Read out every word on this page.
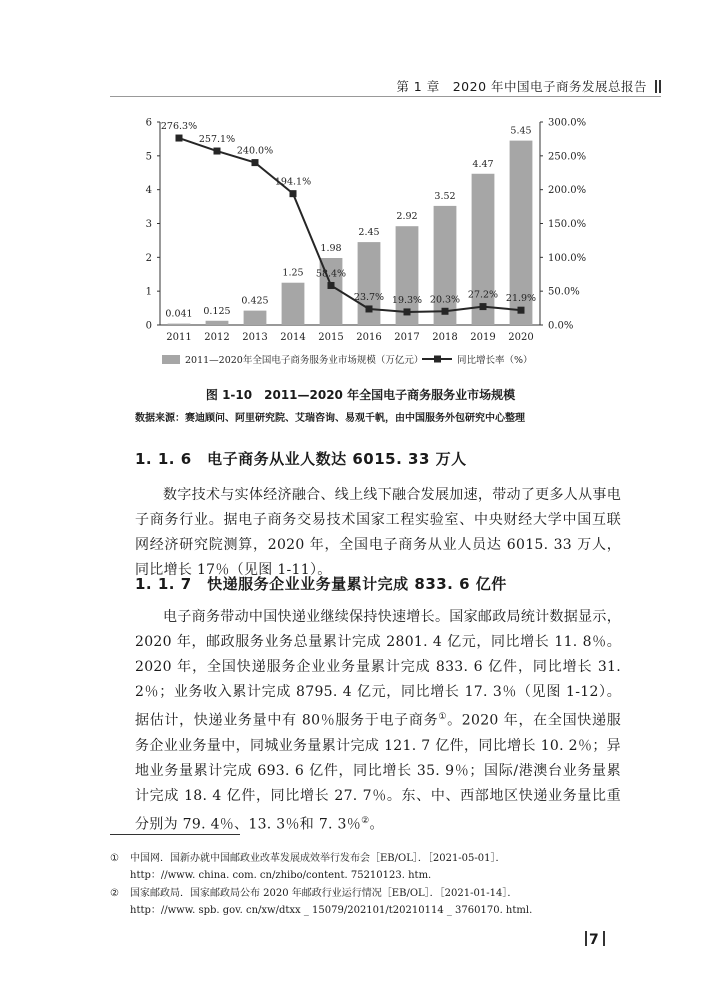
第 1 章　2020 年中国电子商务发展总报告
0
1
2
3
4
5
6
0.0%
50.0%
100.0%
150.0%
200.0%
250.0%
300.0%
2011 2012 2013 2014 2015 2016 2017 2018 2019 2020
0.041 0.125
0.425
1.25
1.98
2.45
2.92
3.52
4.47
5.45
276.3%
257.1%
240.0%
194.1%
58.4%
23.7% 19.3% 20.3% 27.2% 21.9%
2011—2020年全国电子商务服务业市场规模（万亿元）	同比增长率（%）
图 1-10　2011—2020 年全国电子商务服务业市场规模
数据来源：赛迪顾问、阿里研究院、艾瑞咨询、易观千帆，由中国服务外包研究中心整理
1. 1. 6　电子商务从业人数达 6015. 33 万人

数字技术与实体经济融合、线上线下融合发展加速，带动了更多人从事电子商务行业。据电子商务交易技术国家工程实验室、中央财经大学中国互联网经济研究院测算，2020 年，全国电子商务从业人员达 6015. 33 万人，同比增长 17％（见图 1-11）。

1. 1. 7　快递服务企业业务量累计完成 833. 6 亿件

电子商务带动中国快递业继续保持快速增长。国家邮政局统计数据显示，2020 年，邮政服务业务总量累计完成 2801. 4 亿元，同比增长 11. 8％。2020 年，全国快递服务企业业务量累计完成 833. 6 亿件，同比增长 31. 2％；业务收入累计完成 8795. 4 亿元，同比增长 17. 3％（见图 1-12）。据估计，快递业务量中有 80％服务于电子商务①。2020 年，在全国快递服务企业业务量中，同城业务量累计完成 121. 7 亿件，同比增长 10. 2％；异地业务量累计完成 693. 6 亿件，同比增长 35. 9％；国际/港澳台业务量累计完成 18. 4 亿件，同比增长 27. 7％。东、中、西部地区快递业务量比重分别为 79. 4％、13. 3％和 7. 3％②。

① 中国网．国新办就中国邮政业改革发展成效举行发布会［EB/OL］．［2021-05-01］．
http：//www. china. com. cn/zhibo/content. 75210123. htm.
② 国家邮政局．国家邮政局公布 2020 年邮政行业运行情况［EB/OL］．［2021-01-14］．
http：//www. spb. gov. cn/xw/dtxx _ 15079/202101/t20210114 _ 3760170. html.
7
